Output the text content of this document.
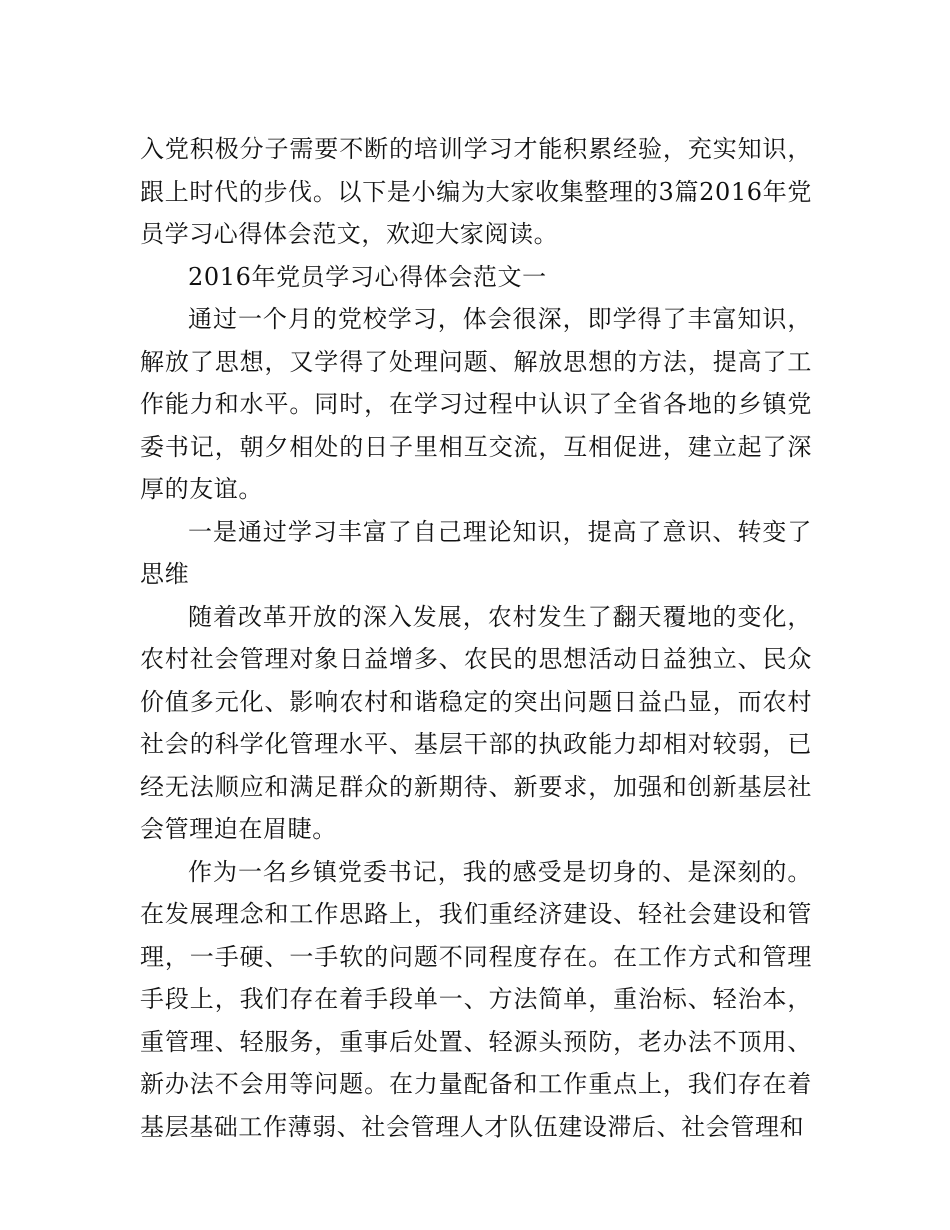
入党积极分子需要不断的培训学习才能积累经验，充实知识，跟上时代的步伐。以下是小编为大家收集整理的3篇2016年党员学习心得体会范文，欢迎大家阅读。

2016年党员学习心得体会范文一

通过一个月的党校学习，体会很深，即学得了丰富知识，解放了思想，又学得了处理问题、解放思想的方法，提高了工作能力和水平。同时，在学习过程中认识了全省各地的乡镇党委书记，朝夕相处的日子里相互交流，互相促进，建立起了深厚的友谊。

一是通过学习丰富了自己理论知识，提高了意识、转变了思维

随着改革开放的深入发展，农村发生了翻天覆地的变化，农村社会管理对象日益增多、农民的思想活动日益独立、民众价值多元化、影响农村和谐稳定的突出问题日益凸显，而农村社会的科学化管理水平、基层干部的执政能力却相对较弱，已经无法顺应和满足群众的新期待、新要求，加强和创新基层社会管理迫在眉睫。

作为一名乡镇党委书记，我的感受是切身的、是深刻的。在发展理念和工作思路上，我们重经济建设、轻社会建设和管理，一手硬、一手软的问题不同程度存在。在工作方式和管理手段上，我们存在着手段单一、方法简单，重治标、轻治本，重管理、轻服务，重事后处置、轻源头预防，老办法不顶用、新办法不会用等问题。在力量配备和工作重点上，我们存在着基层基础工作薄弱、社会管理人才队伍建设滞后、社会管理和
